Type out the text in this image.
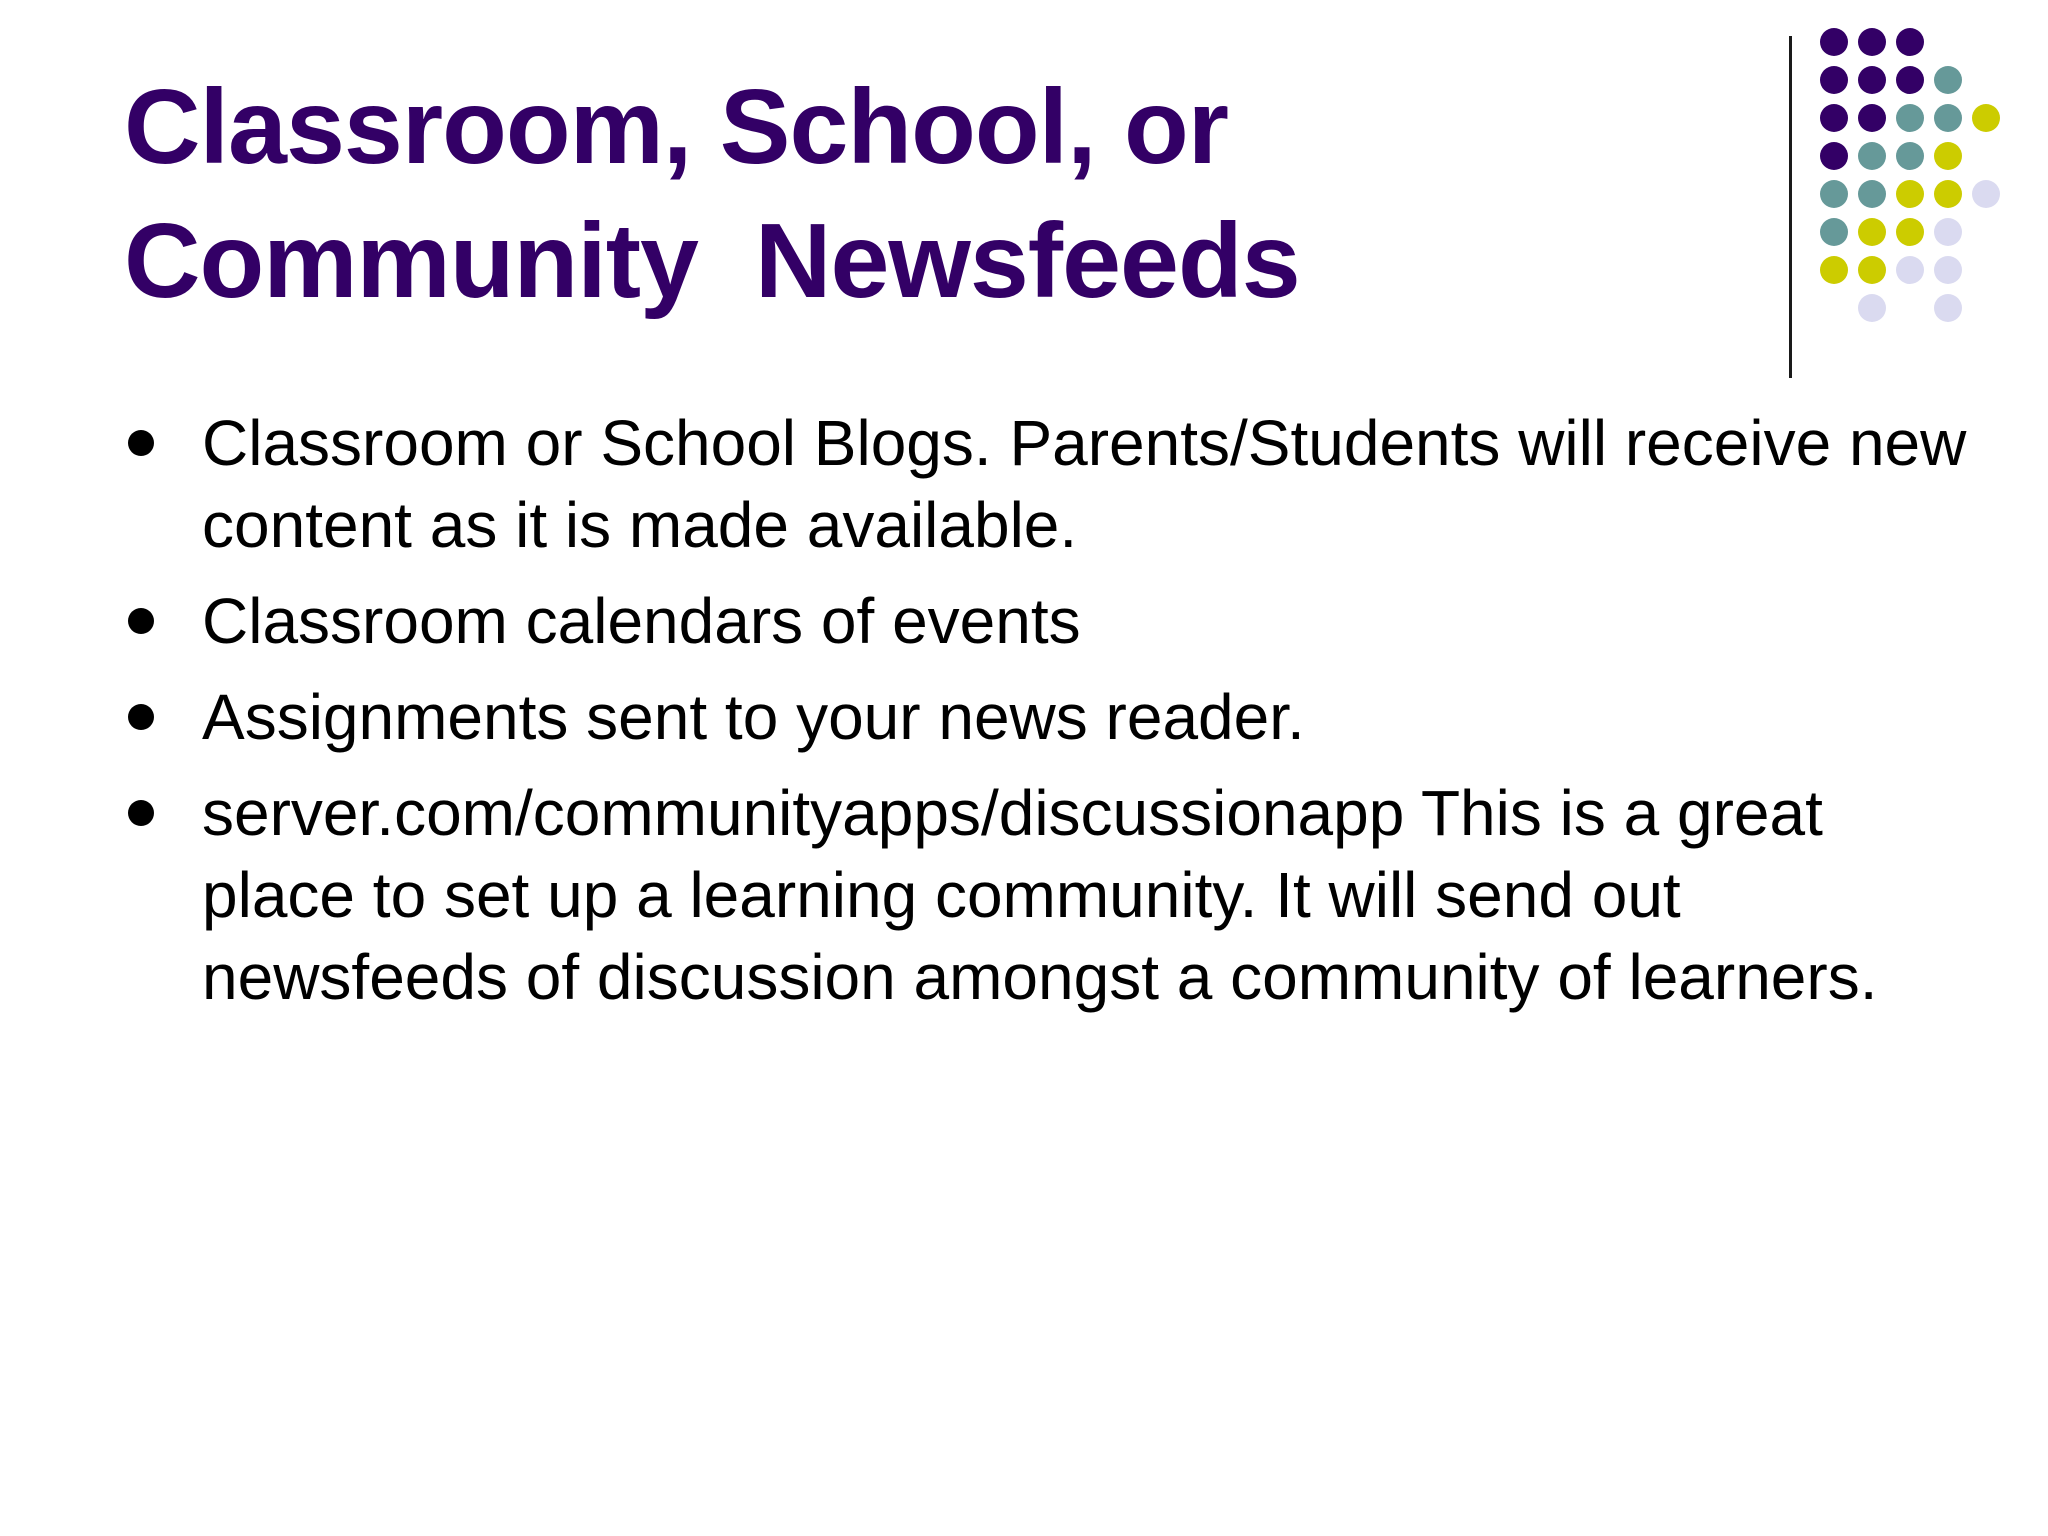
Classroom, School, or
Community  Newsfeeds
Classroom or School Blogs. Parents/Students will receive new content as it is made available.
Classroom calendars of events
Assignments sent to your news reader.
server.com/communityapps/discussionapp This is a great place to set up a learning community. It will send out newsfeeds of discussion amongst a community of learners.
